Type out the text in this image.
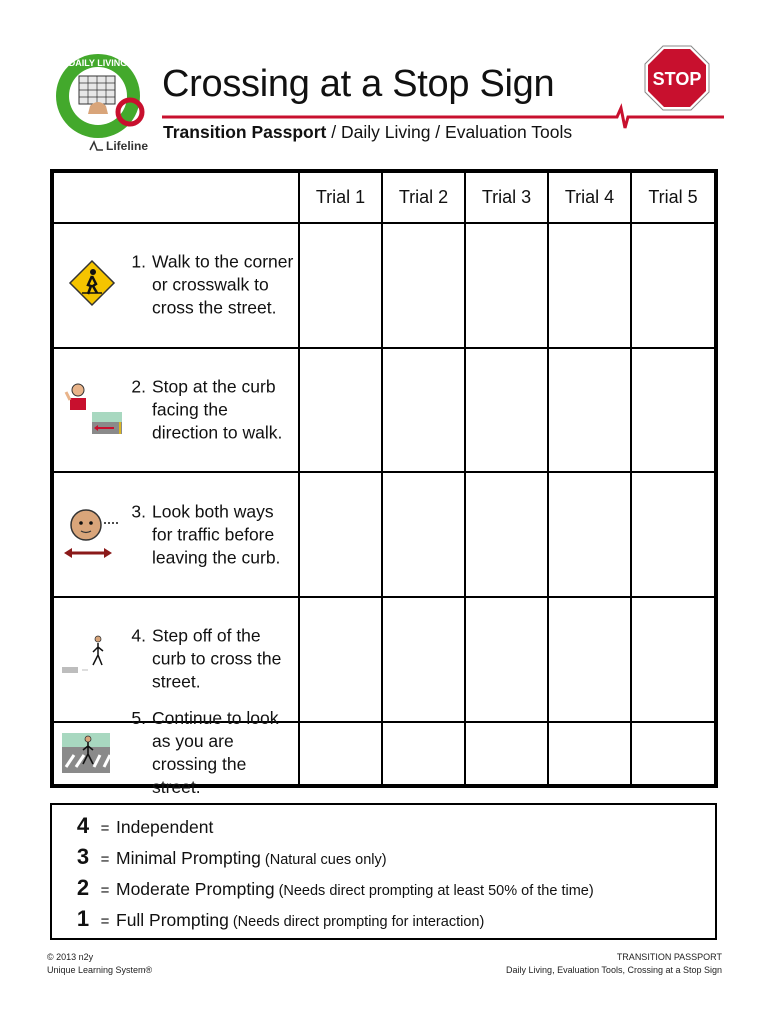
DAILY LIVING
Lifeline
Crossing at a Stop Sign	STOP
Transition Passport / Daily Living / Evaluation Tools
	Trial 1	Trial 2	Trial 3	Trial 4	Trial 5

1. Walk to the corner or crosswalk to cross the street.					

2. Stop at the curb facing the direction to walk.					

3. Look both ways for traffic before leaving the curb.					

4. Step off of the curb to cross the street.					

5. Continue to look as you are crossing the street.					

4 = Independent
3 = Minimal Prompting (Natural cues only)
2 = Moderate Prompting (Needs direct prompting at least 50% of the time)
1 = Full Prompting (Needs direct prompting for interaction)
© 2013 n2y
Unique Learning System®
TRANSITION PASSPORT
Daily Living, Evaluation Tools, Crossing at a Stop Sign
